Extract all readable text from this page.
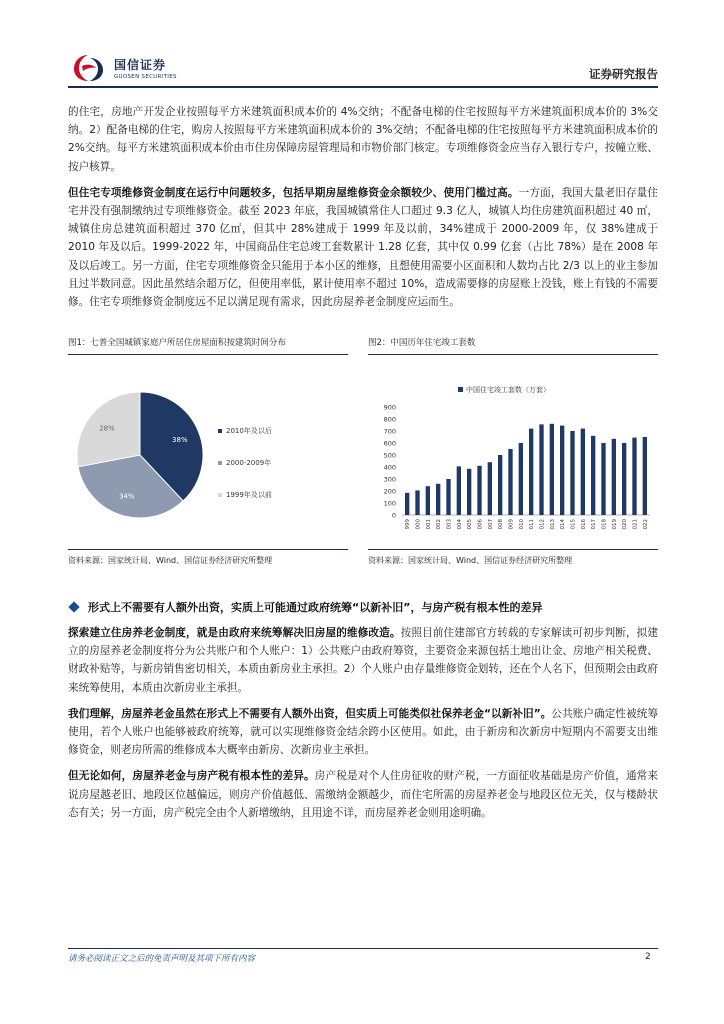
国信证券
GUOSEN SECURITIES	证券研究报告

的住宅，房地产开发企业按照每平方米建筑面积成本价的 4%交纳；不配备电梯的住宅按照每平方米建筑面积成本价的 3%交纳。2）配备电梯的住宅，购房人按照每平方米建筑面积成本价的 3%交纳；不配备电梯的住宅按照每平方米建筑面积成本价的 2%交纳。每平方米建筑面积成本价由市住房保障房屋管理局和市物价部门核定。专项维修资金应当存入银行专户，按幢立账、按户核算。

但住宅专项维修资金制度在运行中问题较多，包括早期房屋维修资金余额较少、使用门槛过高。一方面，我国大量老旧存量住宅并没有强制缴纳过专项维修资金。截至 2023 年底，我国城镇常住人口超过 9.3 亿人，城镇人均住房建筑面积超过 40 ㎡，城镇住房总建筑面积超过 370 亿㎡，但其中 28%建成于 1999 年及以前，34%建成于 2000-2009 年，仅 38%建成于 2010 年及以后。1999-2022 年，中国商品住宅总竣工套数累计 1.28 亿套，其中仅 0.99 亿套（占比 78%）是在 2008 年及以后竣工。另一方面，住宅专项维修资金只能用于本小区的维修，且想使用需要小区面积和人数均占比 2/3 以上的业主参加且过半数同意。因此虽然结余超万亿，但使用率低，累计使用率不超过 10%，造成需要修的房屋账上没钱，账上有钱的不需要修。住宅专项维修资金制度远不足以满足现有需求，因此房屋养老金制度应运而生。

图1：七普全国城镇家庭户所居住房屋面积按建筑时间分布
38%
34%
28%	2010年及以后
2000-2009年
1999年及以前
资料来源：国家统计局、Wind、国信证券经济研究所整理
图2：中国历年住宅竣工套数
中国住宅竣工套数（万套）
0
100
200
300
400
500
600
700
800
900
1999 2000 2001 2002 2003 2004 2005 2006 2007 2008 2009 2010 2011 2012 2013 2014 2015 2016 2017 2018 2019 2020 2021 2022
资料来源：国家统计局、Wind、国信证券经济研究所整理
形式上不需要有人额外出资，实质上可能通过政府统筹“以新补旧”，与房产税有根本性的差异

探索建立住房养老金制度，就是由政府来统筹解决旧房屋的维修改造。按照目前住建部官方转载的专家解读可初步判断，拟建立的房屋养老金制度将分为公共账户和个人账户：1）公共账户由政府筹资，主要资金来源包括土地出让金、房地产相关税费、财政补贴等，与新房销售密切相关，本质由新房业主承担。2）个人账户由存量维修资金划转，还在个人名下，但预期会由政府来统筹使用，本质由次新房业主承担。

我们理解，房屋养老金虽然在形式上不需要有人额外出资，但实质上可能类似社保养老金“以新补旧”。公共账户确定性被统筹使用，若个人账户也能够被政府统筹，就可以实现维修资金结余跨小区使用。如此，由于新房和次新房中短期内不需要支出维修资金，则老房所需的维修成本大概率由新房、次新房业主承担。

但无论如何，房屋养老金与房产税有根本性的差异。房产税是对个人住房征收的财产税，一方面征收基础是房产价值，通常来说房屋越老旧、地段区位越偏远，则房产价值越低、需缴纳金额越少，而住宅所需的房屋养老金与地段区位无关，仅与楼龄状态有关；另一方面，房产税完全由个人新增缴纳，且用途不详，而房屋养老金则用途明确。

请务必阅读正文之后的免责声明及其项下所有内容	2
